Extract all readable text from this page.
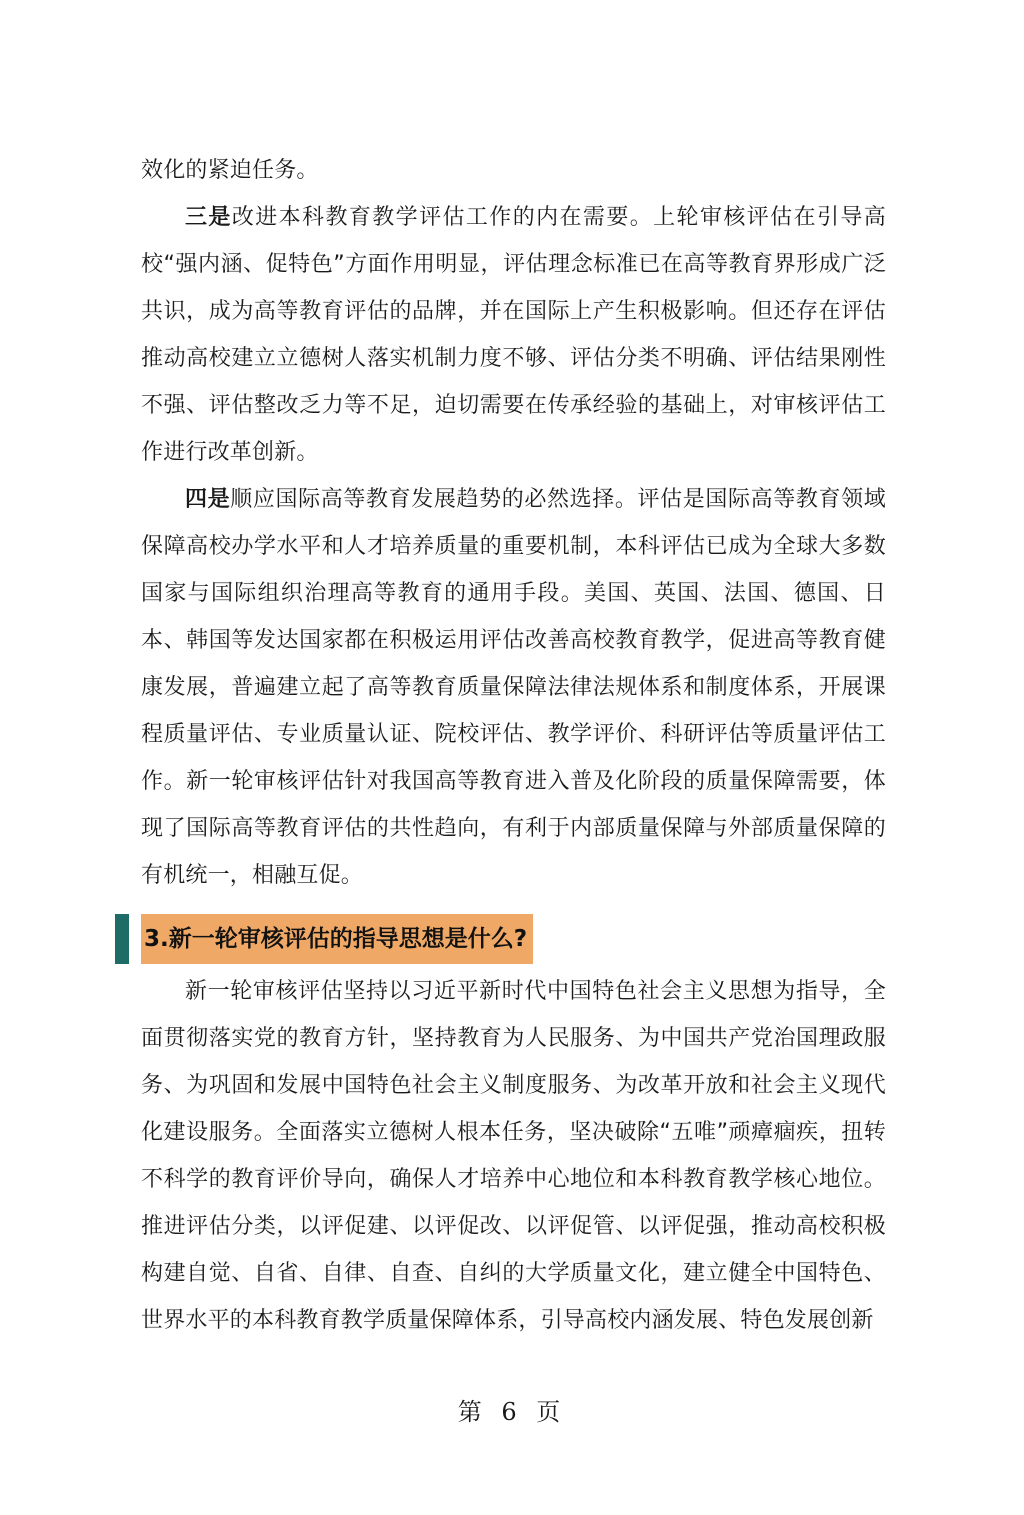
效化的紧迫任务。

三是改进本科教育教学评估工作的内在需要。上轮审核评估在引导高校“强内涵、促特色”方面作用明显，评估理念标准已在高等教育界形成广泛共识，成为高等教育评估的品牌，并在国际上产生积极影响。但还存在评估推动高校建立立德树人落实机制力度不够、评估分类不明确、评估结果刚性不强、评估整改乏力等不足，迫切需要在传承经验的基础上，对审核评估工作进行改革创新。

四是顺应国际高等教育发展趋势的必然选择。评估是国际高等教育领域保障高校办学水平和人才培养质量的重要机制，本科评估已成为全球大多数国家与国际组织治理高等教育的通用手段。美国、英国、法国、德国、日本、韩国等发达国家都在积极运用评估改善高校教育教学，促进高等教育健康发展，普遍建立起了高等教育质量保障法律法规体系和制度体系，开展课程质量评估、专业质量认证、院校评估、教学评价、科研评估等质量评估工作。新一轮审核评估针对我国高等教育进入普及化阶段的质量保障需要，体现了国际高等教育评估的共性趋向，有利于内部质量保障与外部质量保障的有机统一，相融互促。

3.新一轮审核评估的指导思想是什么?

新一轮审核评估坚持以习近平新时代中国特色社会主义思想为指导，全面贯彻落实党的教育方针，坚持教育为人民服务、为中国共产党治国理政服务、为巩固和发展中国特色社会主义制度服务、为改革开放和社会主义现代化建设服务。全面落实立德树人根本任务，坚决破除“五唯”顽瘴痼疾，扭转不科学的教育评价导向，确保人才培养中心地位和本科教育教学核心地位。推进评估分类，以评促建、以评促改、以评促管、以评促强，推动高校积极构建自觉、自省、自律、自查、自纠的大学质量文化，建立健全中国特色、世界水平的本科教育教学质量保障体系，引导高校内涵发展、特色发展创新

第 6 页
